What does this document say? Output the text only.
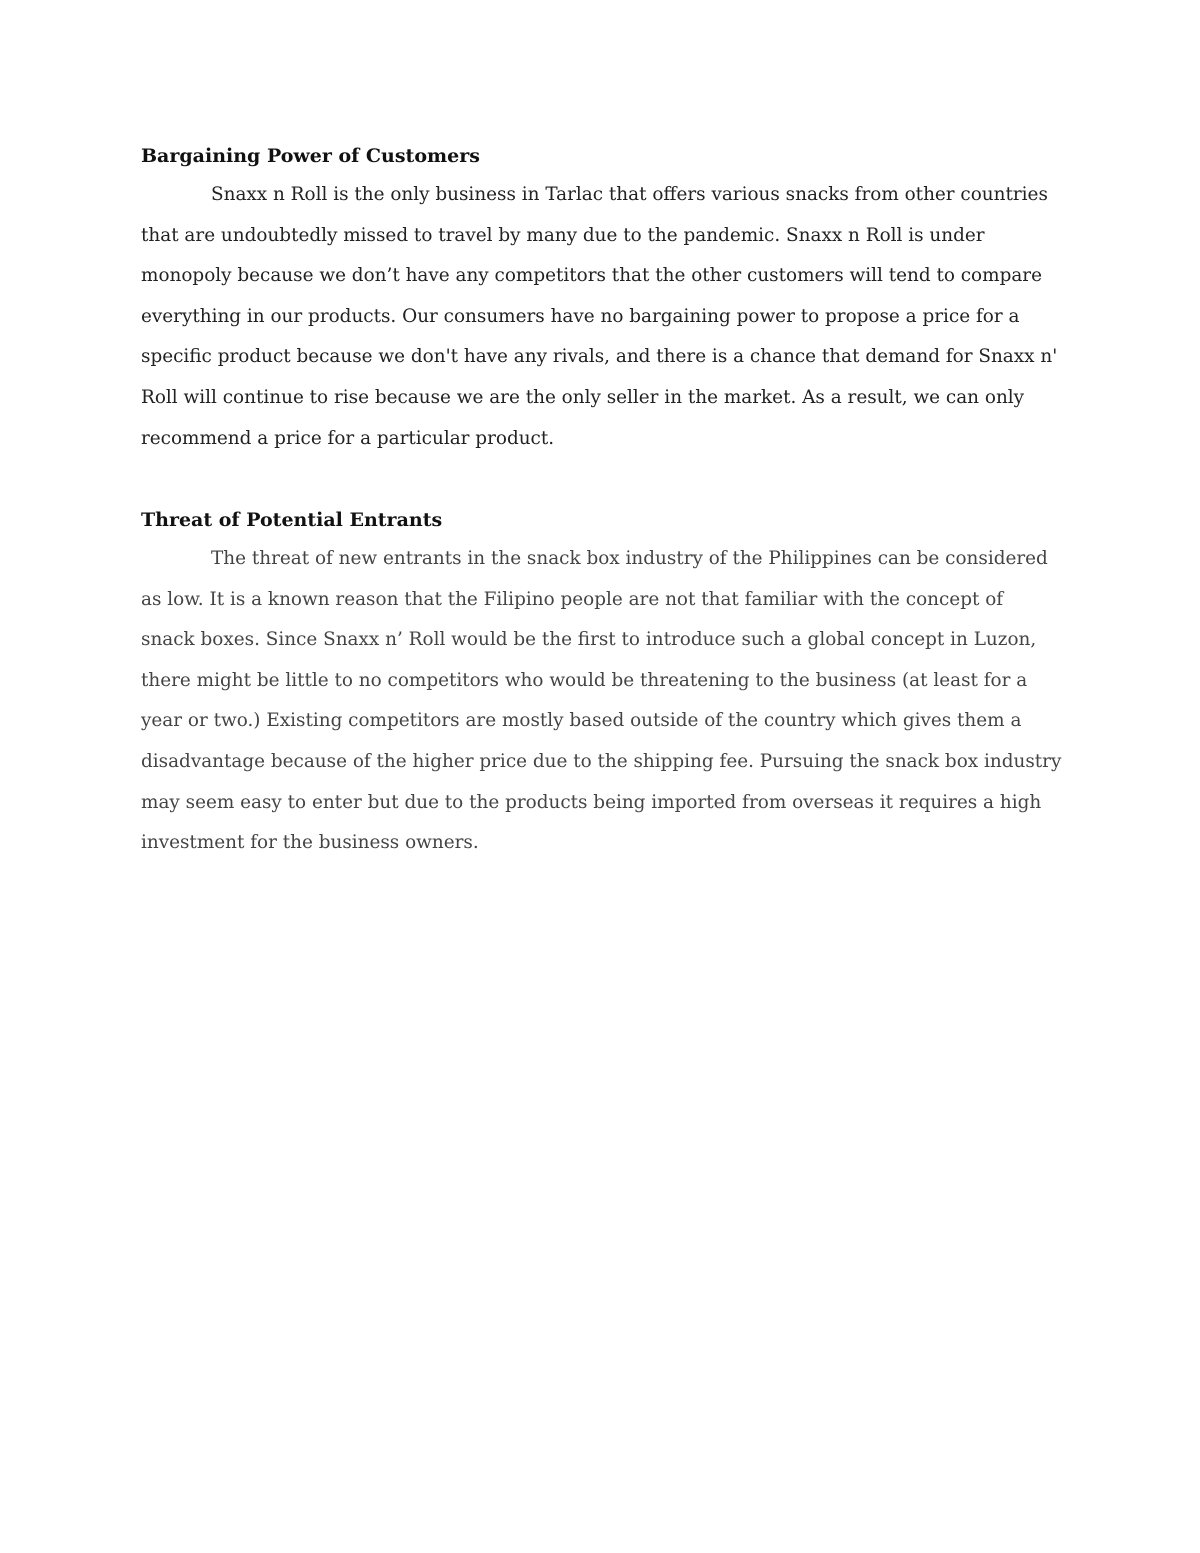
Bargaining Power of Customers

Snaxx n Roll is the only business in Tarlac that offers various snacks from other countries
that are undoubtedly missed to travel by many due to the pandemic. Snaxx n Roll is under
monopoly because we don’t have any competitors that the other customers will tend to compare
everything in our products. Our consumers have no bargaining power to propose a price for a
specific product because we don't have any rivals, and there is a chance that demand for Snaxx n'
Roll will continue to rise because we are the only seller in the market. As a result, we can only
recommend a price for a particular product.

Threat of Potential Entrants

The threat of new entrants in the snack box industry of the Philippines can be considered
as low. It is a known reason that the Filipino people are not that familiar with the concept of
snack boxes. Since Snaxx n’ Roll would be the first to introduce such a global concept in Luzon,
there might be little to no competitors who would be threatening to the business (at least for a
year or two.) Existing competitors are mostly based outside of the country which gives them a
disadvantage because of the higher price due to the shipping fee. Pursuing the snack box industry
may seem easy to enter but due to the products being imported from overseas it requires a high
investment for the business owners.
